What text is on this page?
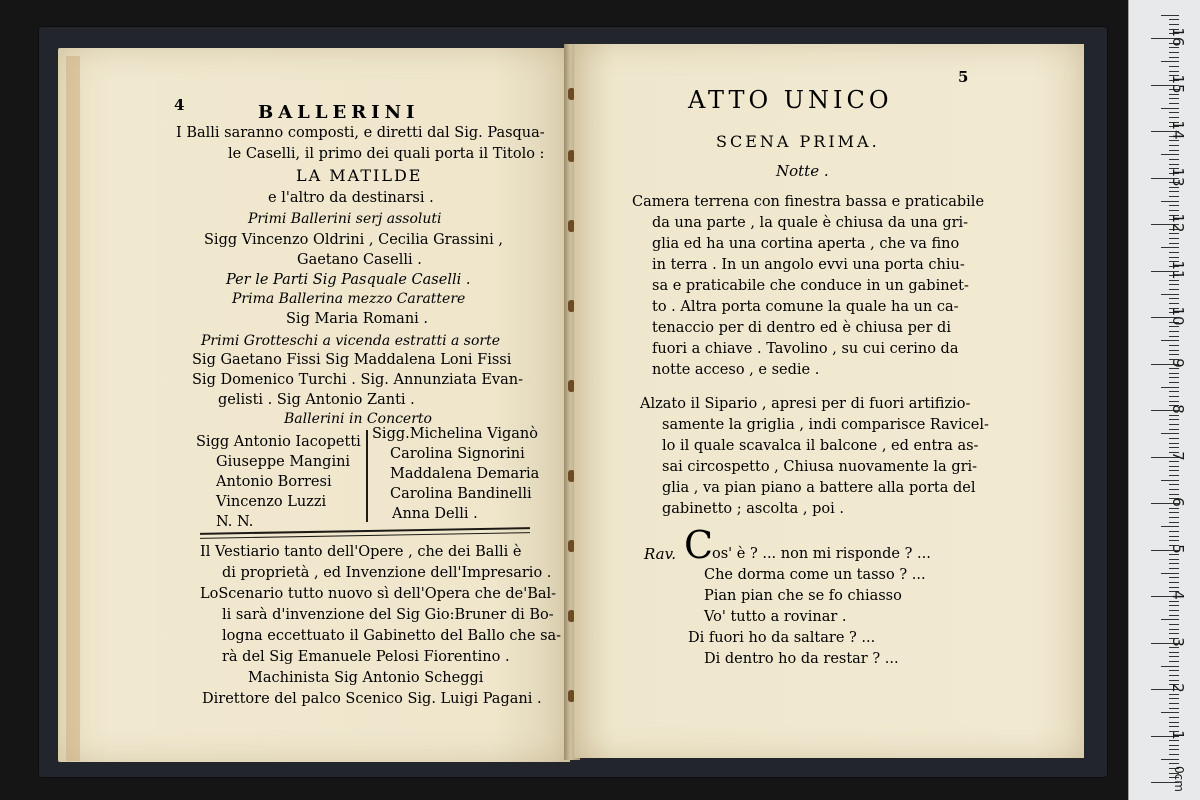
4	BALLERINI
I Balli saranno composti, e diretti dal Sig. Pasqua-
le Caselli, il primo dei quali porta il Titolo :
LA MATILDE
e l'altro da destinarsi .
Primi Ballerini serj assoluti
Sigg Vincenzo Oldrini , Cecilia Grassini ,
Gaetano Caselli .
Per le Parti Sig Pasquale Caselli .
Prima Ballerina mezzo Carattere
Sig Maria Romani .
Primi Grotteschi a vicenda estratti a sorte
Sig Gaetano Fissi Sig Maddalena Loni Fissi
Sig Domenico Turchi . Sig. Annunziata Evan-
gelisti . Sig Antonio Zanti .
Ballerini in Concerto
Sigg Antonio Iacopetti
Giuseppe Mangini
Antonio Borresi
Vincenzo Luzzi
N. N.
Sigg.Michelina Viganò
Carolina Signorini
Maddalena Demaria
Carolina Bandinelli
Anna Delli .
Il Vestiario tanto dell'Opere , che dei Balli è
di proprietà , ed Invenzione dell'Impresario .
LoScenario tutto nuovo sì dell'Opera che de'Bal-
li sarà d'invenzione del Sig Gio:Bruner di Bo-
logna eccettuato il Gabinetto del Ballo che sa-
rà del Sig Emanuele Pelosi Fiorentino .
Machinista Sig Antonio Scheggi
Direttore del palco Scenico Sig. Luigi Pagani .
5
ATTO UNICO
SCENA PRIMA.
Notte .
Camera terrena con finestra bassa e praticabile
da una parte , la quale è chiusa da una gri-
glia ed ha una cortina aperta , che va fino
in terra . In un angolo evvi una porta chiu-
sa e praticabile che conduce in un gabinet-
to . Altra porta comune la quale ha un ca-
tenaccio per di dentro ed è chiusa per di
fuori a chiave . Tavolino , su cui cerino da
notte acceso , e sedie .
Alzato il Sipario , apresi per di fuori artifizio-
samente la griglia , indi comparisce Ravicel-
lo il quale scavalca il balcone , ed entra as-
sai circospetto , Chiusa nuovamente la gri-
glia , va pian piano a battere alla porta del
gabinetto ; ascolta , poi .
Rav. C
os' è ? ... non mi risponde ? ...
Che dorma come un tasso ? ...
Pian pian che se fo chiasso
Vo' tutto a rovinar .
Di fuori ho da saltare ? ...
Di dentro ho da restar ? ...
0cm
1
2
3
4
5
6
7
8
9
10
11
12
13
14
15
16
